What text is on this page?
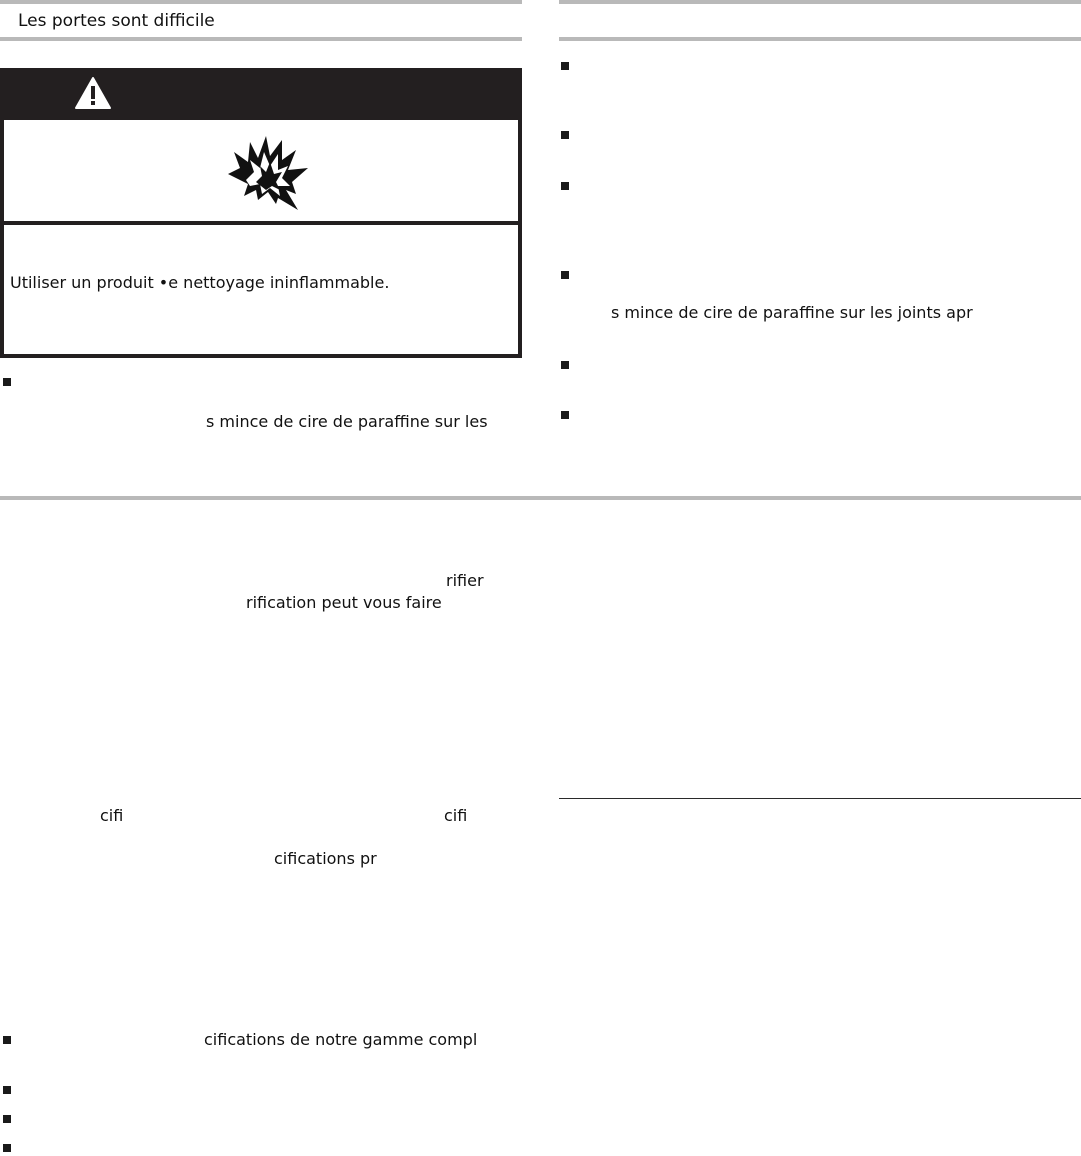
Les portes sont difficile
Utiliser un produit •e nettoyage ininflammable.
s mince de cire de paraffine sur les
s mince de cire de paraffine sur les joints apr
rifier
rification peut vous faire
cifi	cifi
cifications pr
cifications de notre gamme compl
